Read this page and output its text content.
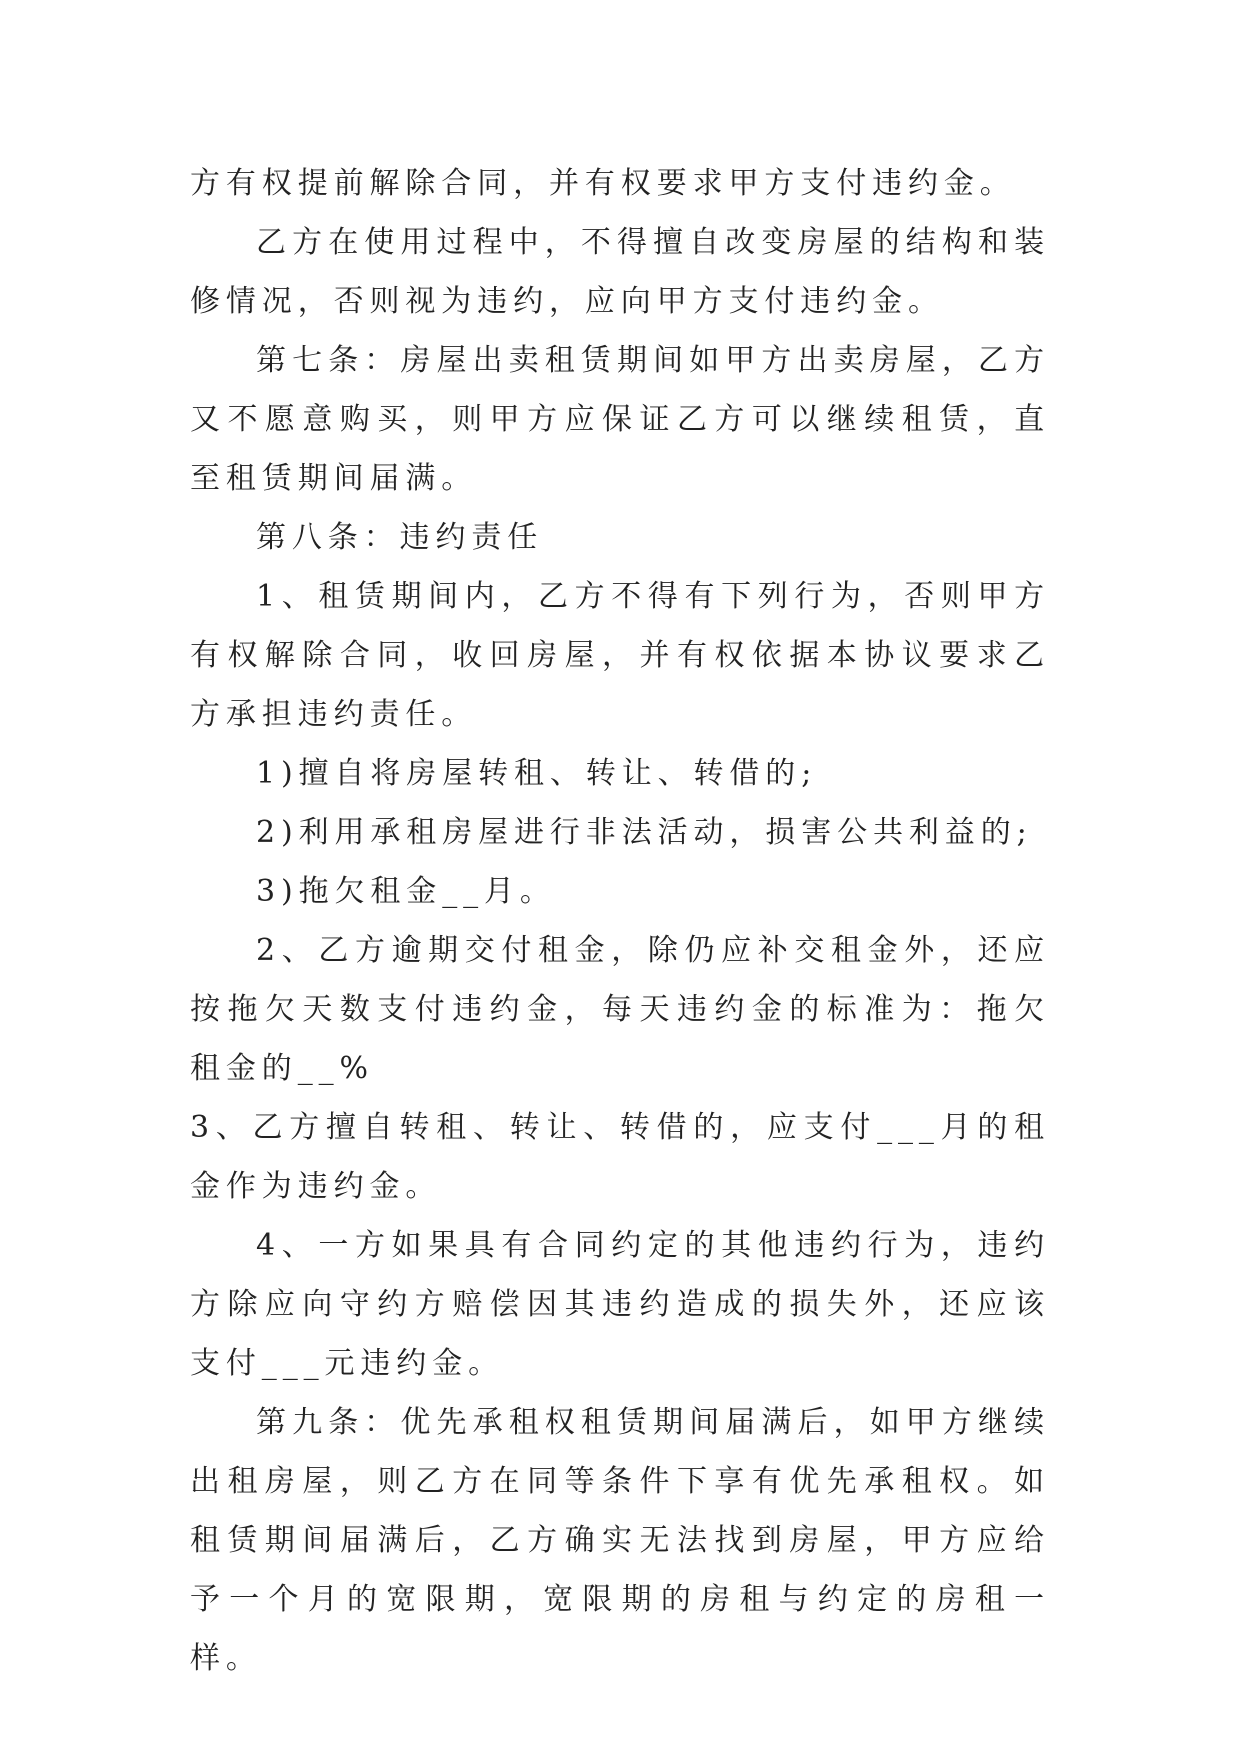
方有权提前解除合同，并有权要求甲方支付违约金。

乙方在使用过程中，不得擅自改变房屋的结构和装修情况，否则视为违约，应向甲方支付违约金。

第七条：房屋出卖租赁期间如甲方出卖房屋，乙方又不愿意购买，则甲方应保证乙方可以继续租赁，直至租赁期间届满。

第八条：违约责任

1、租赁期间内，乙方不得有下列行为，否则甲方有权解除合同，收回房屋，并有权依据本协议要求乙方承担违约责任。

1)擅自将房屋转租、转让、转借的;

2)利用承租房屋进行非法活动，损害公共利益的;

3)拖欠租金__月。

2、乙方逾期交付租金，除仍应补交租金外，还应按拖欠天数支付违约金，每天违约金的标准为：拖欠租金的__%

3、乙方擅自转租、转让、转借的，应支付___月的租金作为违约金。

4、一方如果具有合同约定的其他违约行为，违约方除应向守约方赔偿因其违约造成的损失外，还应该支付___元违约金。

第九条：优先承租权租赁期间届满后，如甲方继续出租房屋，则乙方在同等条件下享有优先承租权。如租赁期间届满后，乙方确实无法找到房屋，甲方应给予一个月的宽限期，宽限期的房租与约定的房租一样。
